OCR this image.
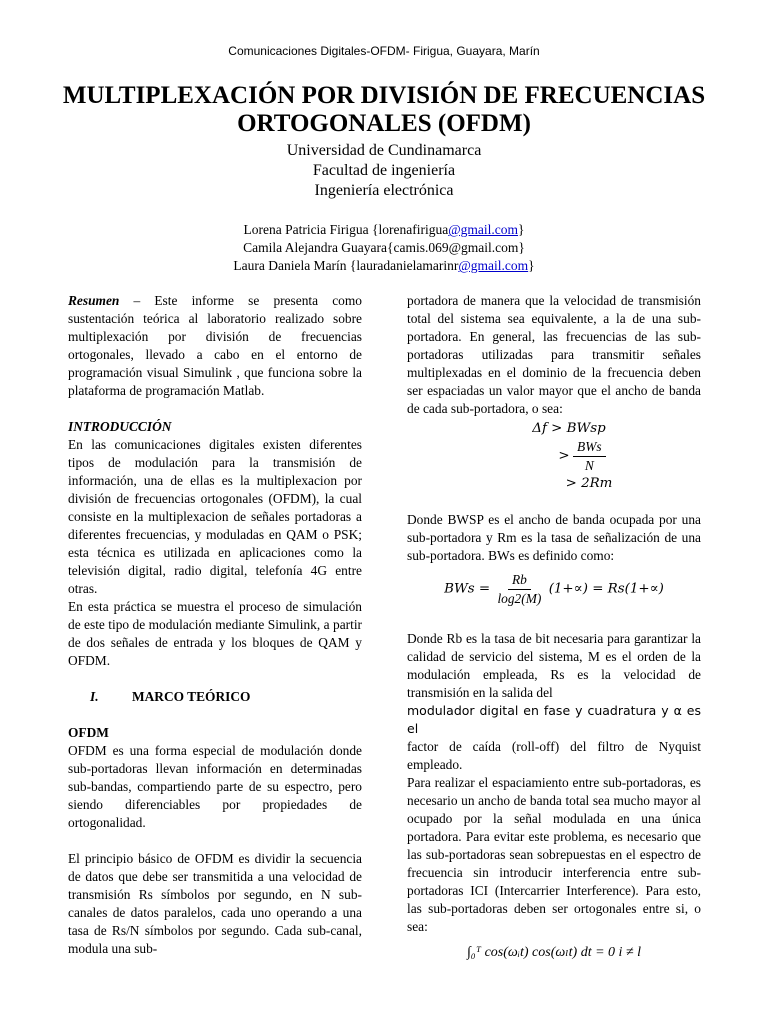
Comunicaciones Digitales-OFDM- Firigua, Guayara, Marín
MULTIPLEXACIÓN POR DIVISIÓN DE FRECUENCIAS ORTOGONALES (OFDM)
Universidad de Cundinamarca
Facultad de ingeniería
Ingeniería electrónica
Lorena Patricia Firigua {lorenafirigua@gmail.com}
Camila Alejandra Guayara{camis.069@gmail.com}
Laura Daniela Marín {lauradanielamarinr@gmail.com}

Resumen – Este informe se presenta como sustentación teórica al laboratorio realizado sobre multiplexación por división de frecuencias ortogonales, llevado a cabo en el entorno de programación visual Simulink , que funciona sobre la plataforma de programación Matlab.

INTRODUCCIÓN

En las comunicaciones digitales existen diferentes tipos de modulación para la transmisión de información, una de ellas es la multiplexacion por división de frecuencias ortogonales (OFDM), la cual consiste en la multiplexacion de señales portadoras a diferentes frecuencias, y moduladas en QAM o PSK; esta técnica es utilizada en aplicaciones como la televisión digital, radio digital, telefonía 4G entre otras.

En esta práctica se muestra el proceso de simulación de este tipo de modulación mediante Simulink, a partir de dos señales de entrada y los bloques de QAM y OFDM.

I.	MARCO TEÓRICO
OFDM

OFDM es una forma especial de modulación donde sub-portadoras llevan información en determinadas sub-bandas, compartiendo parte de su espectro, pero siendo diferenciables por propiedades de ortogonalidad.

El principio básico de OFDM es dividir la secuencia de datos que debe ser transmitida a una velocidad de transmisión Rs símbolos por segundo, en N sub-canales de datos paralelos, cada uno operando a una tasa de Rs/N símbolos por segundo. Cada sub-canal, modula una sub-

portadora de manera que la velocidad de transmisión total del sistema sea equivalente, a la de una sub-portadora. En general, las frecuencias de las sub-portadoras utilizadas para transmitir señales multiplexadas en el dominio de la frecuencia deben ser espaciadas un valor mayor que el ancho de banda de cada sub-portadora, o sea:

Δf > BWsp
> $\frac{\text{BWs}}{N}$
> 2Rm

Donde BWSP es el ancho de banda ocupada por una sub-portadora y Rm es la tasa de señalización de una sub-portadora. BWs es definido como:

BWs = $\frac{Rb}{\log 2(M)} (1+\propto) = Rs(1+\propto)$

Donde Rb es la tasa de bit necesaria para garantizar la calidad de servicio del sistema, M es el orden de la modulación empleada, Rs es la velocidad de transmisión en la salida del

modulador digital en fase y cuadratura y α es el

factor de caída (roll-off) del filtro de Nyquist empleado.

Para realizar el espaciamiento entre sub-portadoras, es necesario un ancho de banda total sea mucho mayor al ocupado por la señal modulada en una única portadora. Para evitar este problema, es necesario que las sub-portadoras sean sobrepuestas en el espectro de frecuencia sin introducir interferencia entre sub-portadoras ICI (Intercarrier Interference). Para esto, las sub-portadoras deben ser ortogonales entre si, o sea:

∫₀ᵀ cos(ωᵢt) cos(ωₗt) dt = 0 i ≠ l
